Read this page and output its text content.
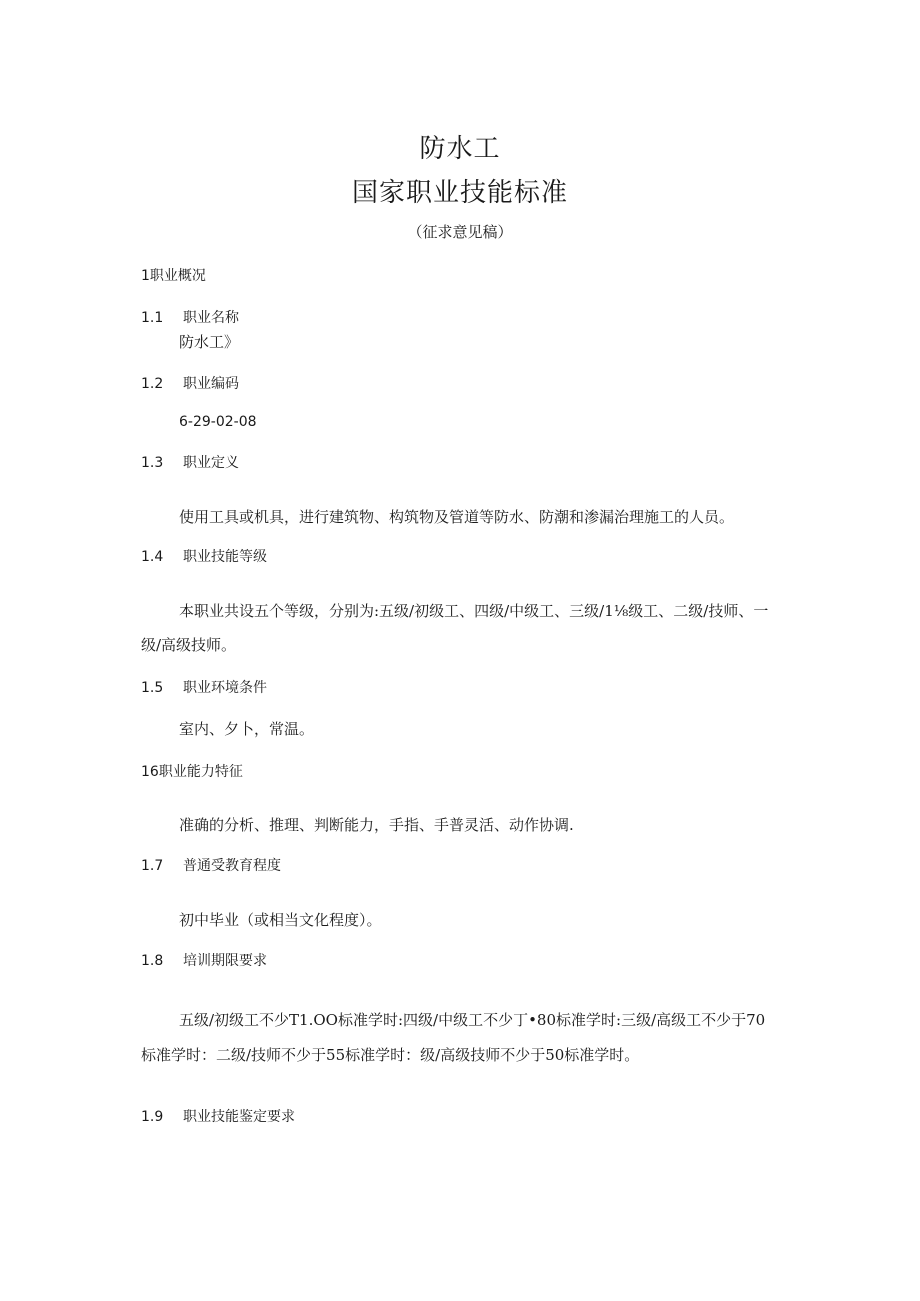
防水工
国家职业技能标准
（征求意见稿）
1职业概况
1.1 职业名称
防水工》
1.2 职业编码
6-29-02-08
1.3 职业定义
使用工具或机具，进行建筑物、构筑物及管道等防水、防潮和渗漏治理施工的人员。
1.4 职业技能等级
本职业共设五个等级，分别为:五级/初级工、四级/中级工、三级/1⅛级工、二级/技师、一
级/高级技师。
1.5 职业环境条件
室内、夕卜，常温。
16职业能力特征
准确的分析、推理、判断能力，手指、手普灵活、动作协调.
1.7 普通受教育程度
初中毕业（或相当文化程度）。
1.8 培训期限要求
五级/初级工不少T1.OO标准学时:四级/中级工不少丁•80标准学时:三级/高级工不少于70
标准学时：二级/技师不少于55标准学时：级/高级技师不少于50标准学时。
1.9 职业技能鉴定要求
